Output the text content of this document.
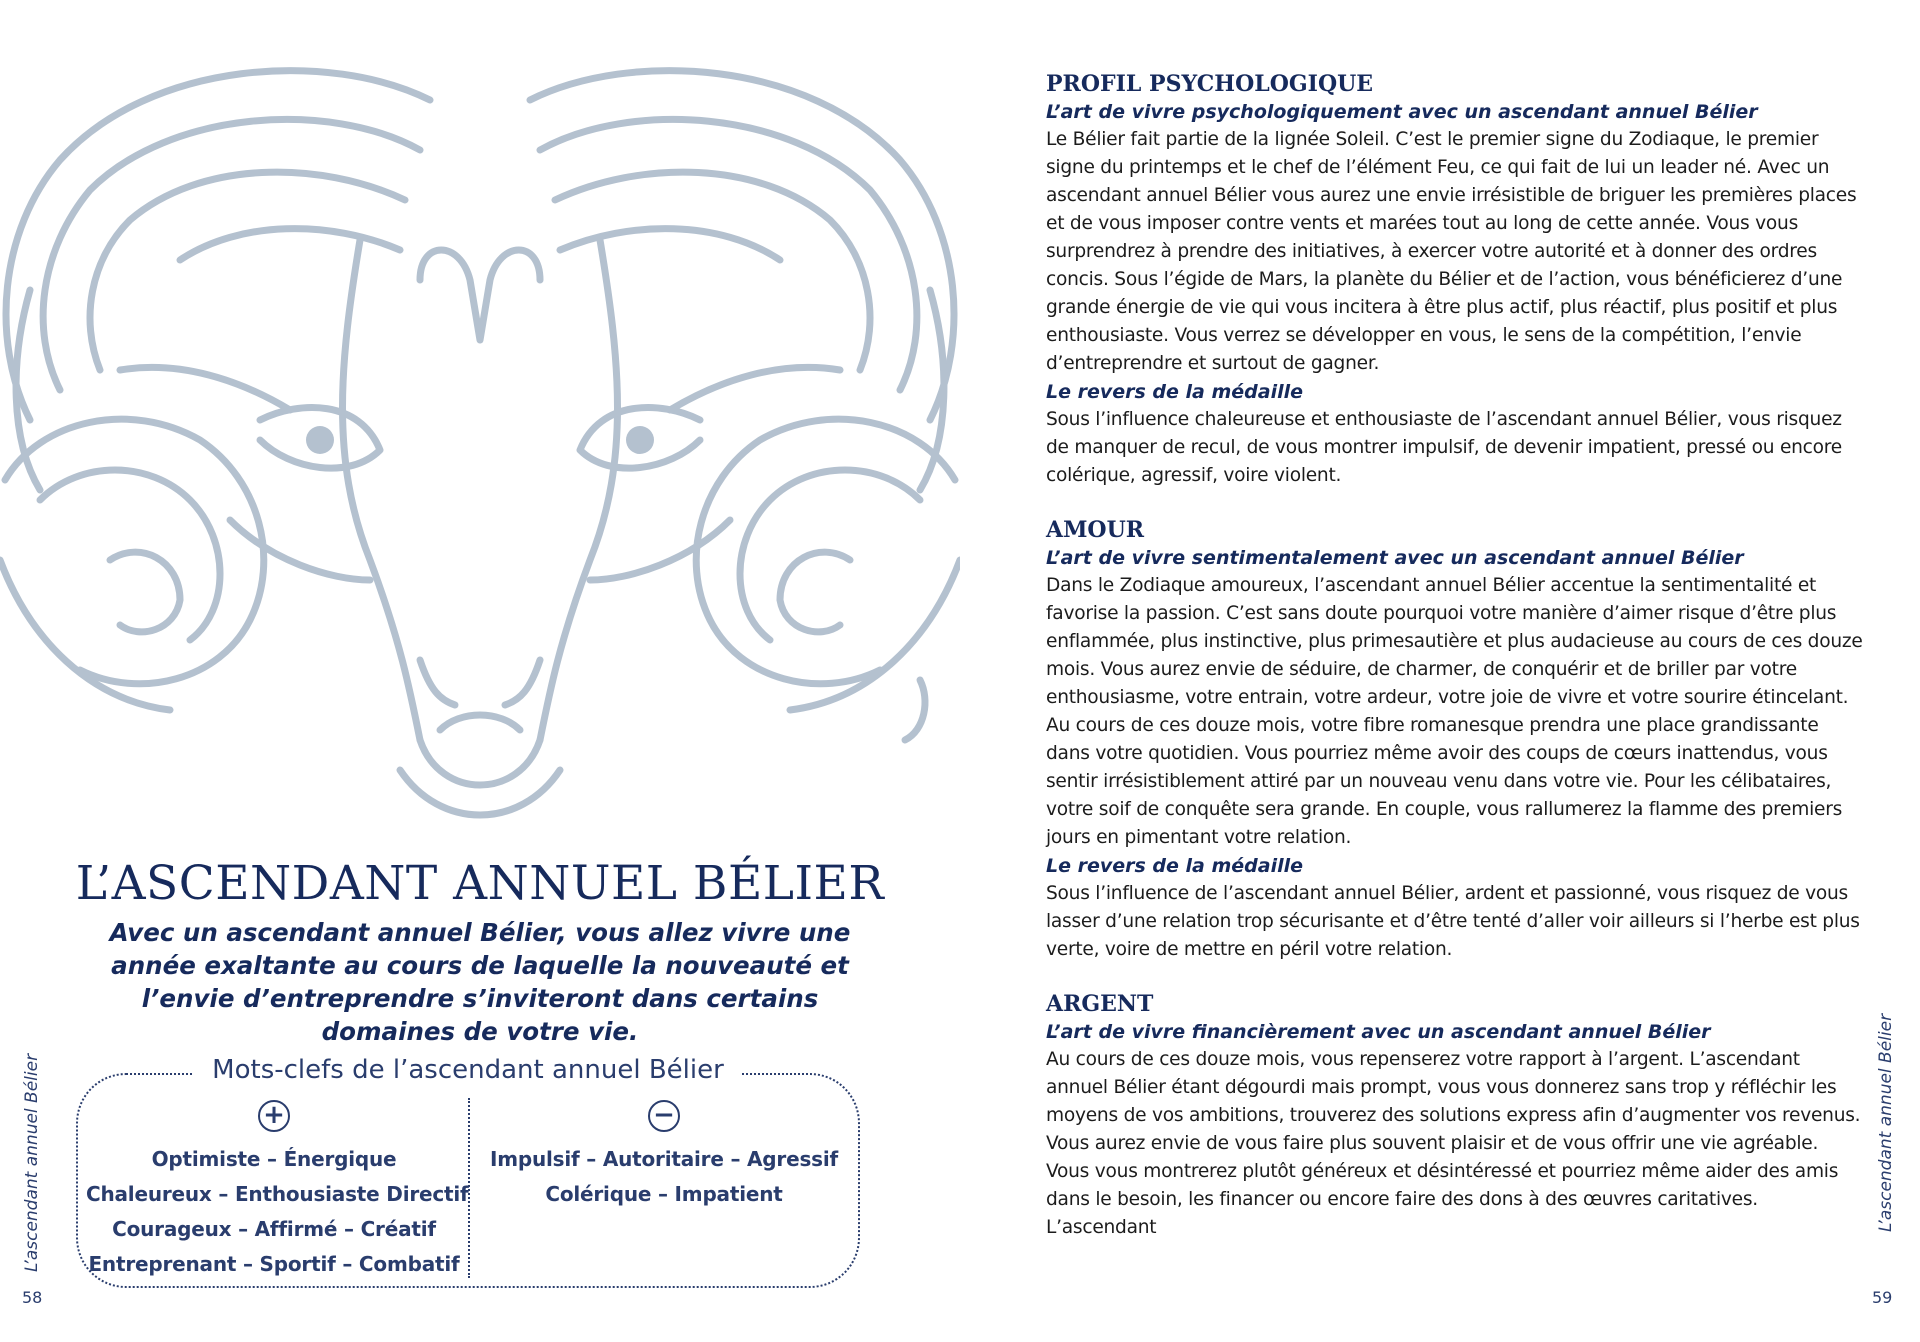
L’ASCENDANT ANNUEL BÉLIER

Avec un ascendant annuel Bélier, vous allez vivre une année exaltante au cours de laquelle la nouveauté et l’envie d’entreprendre s’inviteront dans certains domaines de votre vie.

Mots-clefs de l’ascendant annuel Bélier
+
Optimiste – Énergique
Chaleureux – Enthousiaste Directif
Courageux – Affirmé – Créatif
Entreprenant – Sportif – Combatif
−
Impulsif – Autoritaire – Agressif
Colérique – Impatient
L’ascendant annuel Bélier
58
PROFIL PSYCHOLOGIQUE
L’art de vivre psychologiquement avec un ascendant annuel Bélier

Le Bélier fait partie de la lignée Soleil. C’est le premier signe du Zodiaque, le premier signe du printemps et le chef de l’élément Feu, ce qui fait de lui un leader né. Avec un ascendant annuel Bélier vous aurez une envie irrésistible de briguer les premières places et de vous imposer contre vents et marées tout au long de cette année. Vous vous surprendrez à prendre des initiatives, à exercer votre autorité et à donner des ordres concis. Sous l’égide de Mars, la planète du Bélier et de l’action, vous bénéficierez d’une grande énergie de vie qui vous incitera à être plus actif, plus réactif, plus positif et plus enthousiaste. Vous verrez se développer en vous, le sens de la compétition, l’envie d’entreprendre et surtout de gagner.

Le revers de la médaille

Sous l’influence chaleureuse et enthousiaste de l’ascendant annuel Bélier, vous risquez de manquer de recul, de vous montrer impulsif, de devenir impatient, pressé ou encore colérique, agressif, voire violent.

AMOUR
L’art de vivre sentimentalement avec un ascendant annuel Bélier

Dans le Zodiaque amoureux, l’ascendant annuel Bélier accentue la sentimentalité et favorise la passion. C’est sans doute pourquoi votre manière d’aimer risque d’être plus enflammée, plus instinctive, plus primesautière et plus audacieuse au cours de ces douze mois. Vous aurez envie de séduire, de charmer, de conquérir et de briller par votre enthousiasme, votre entrain, votre ardeur, votre joie de vivre et votre sourire étincelant. Au cours de ces douze mois, votre fibre romanesque prendra une place grandissante dans votre quotidien. Vous pourriez même avoir des coups de cœurs inattendus, vous sentir irrésistiblement attiré par un nouveau venu dans votre vie. Pour les célibataires, votre soif de conquête sera grande. En couple, vous rallumerez la flamme des premiers jours en pimentant votre relation.

Le revers de la médaille

Sous l’influence de l’ascendant annuel Bélier, ardent et passionné, vous risquez de vous lasser d’une relation trop sécurisante et d’être tenté d’aller voir ailleurs si l’herbe est plus verte, voire de mettre en péril votre relation.

ARGENT
L’art de vivre financièrement avec un ascendant annuel Bélier

Au cours de ces douze mois, vous repenserez votre rapport à l’argent. L’ascendant annuel Bélier étant dégourdi mais prompt, vous vous donnerez sans trop y réfléchir les moyens de vos ambitions, trouverez des solutions express afin d’augmenter vos revenus. Vous aurez envie de vous faire plus souvent plaisir et de vous offrir une vie agréable. Vous vous montrerez plutôt généreux et désintéressé et pourriez même aider des amis dans le besoin, les financer ou encore faire des dons à des œuvres caritatives. L’ascendant	L’ascendant annuel Bélier
59
